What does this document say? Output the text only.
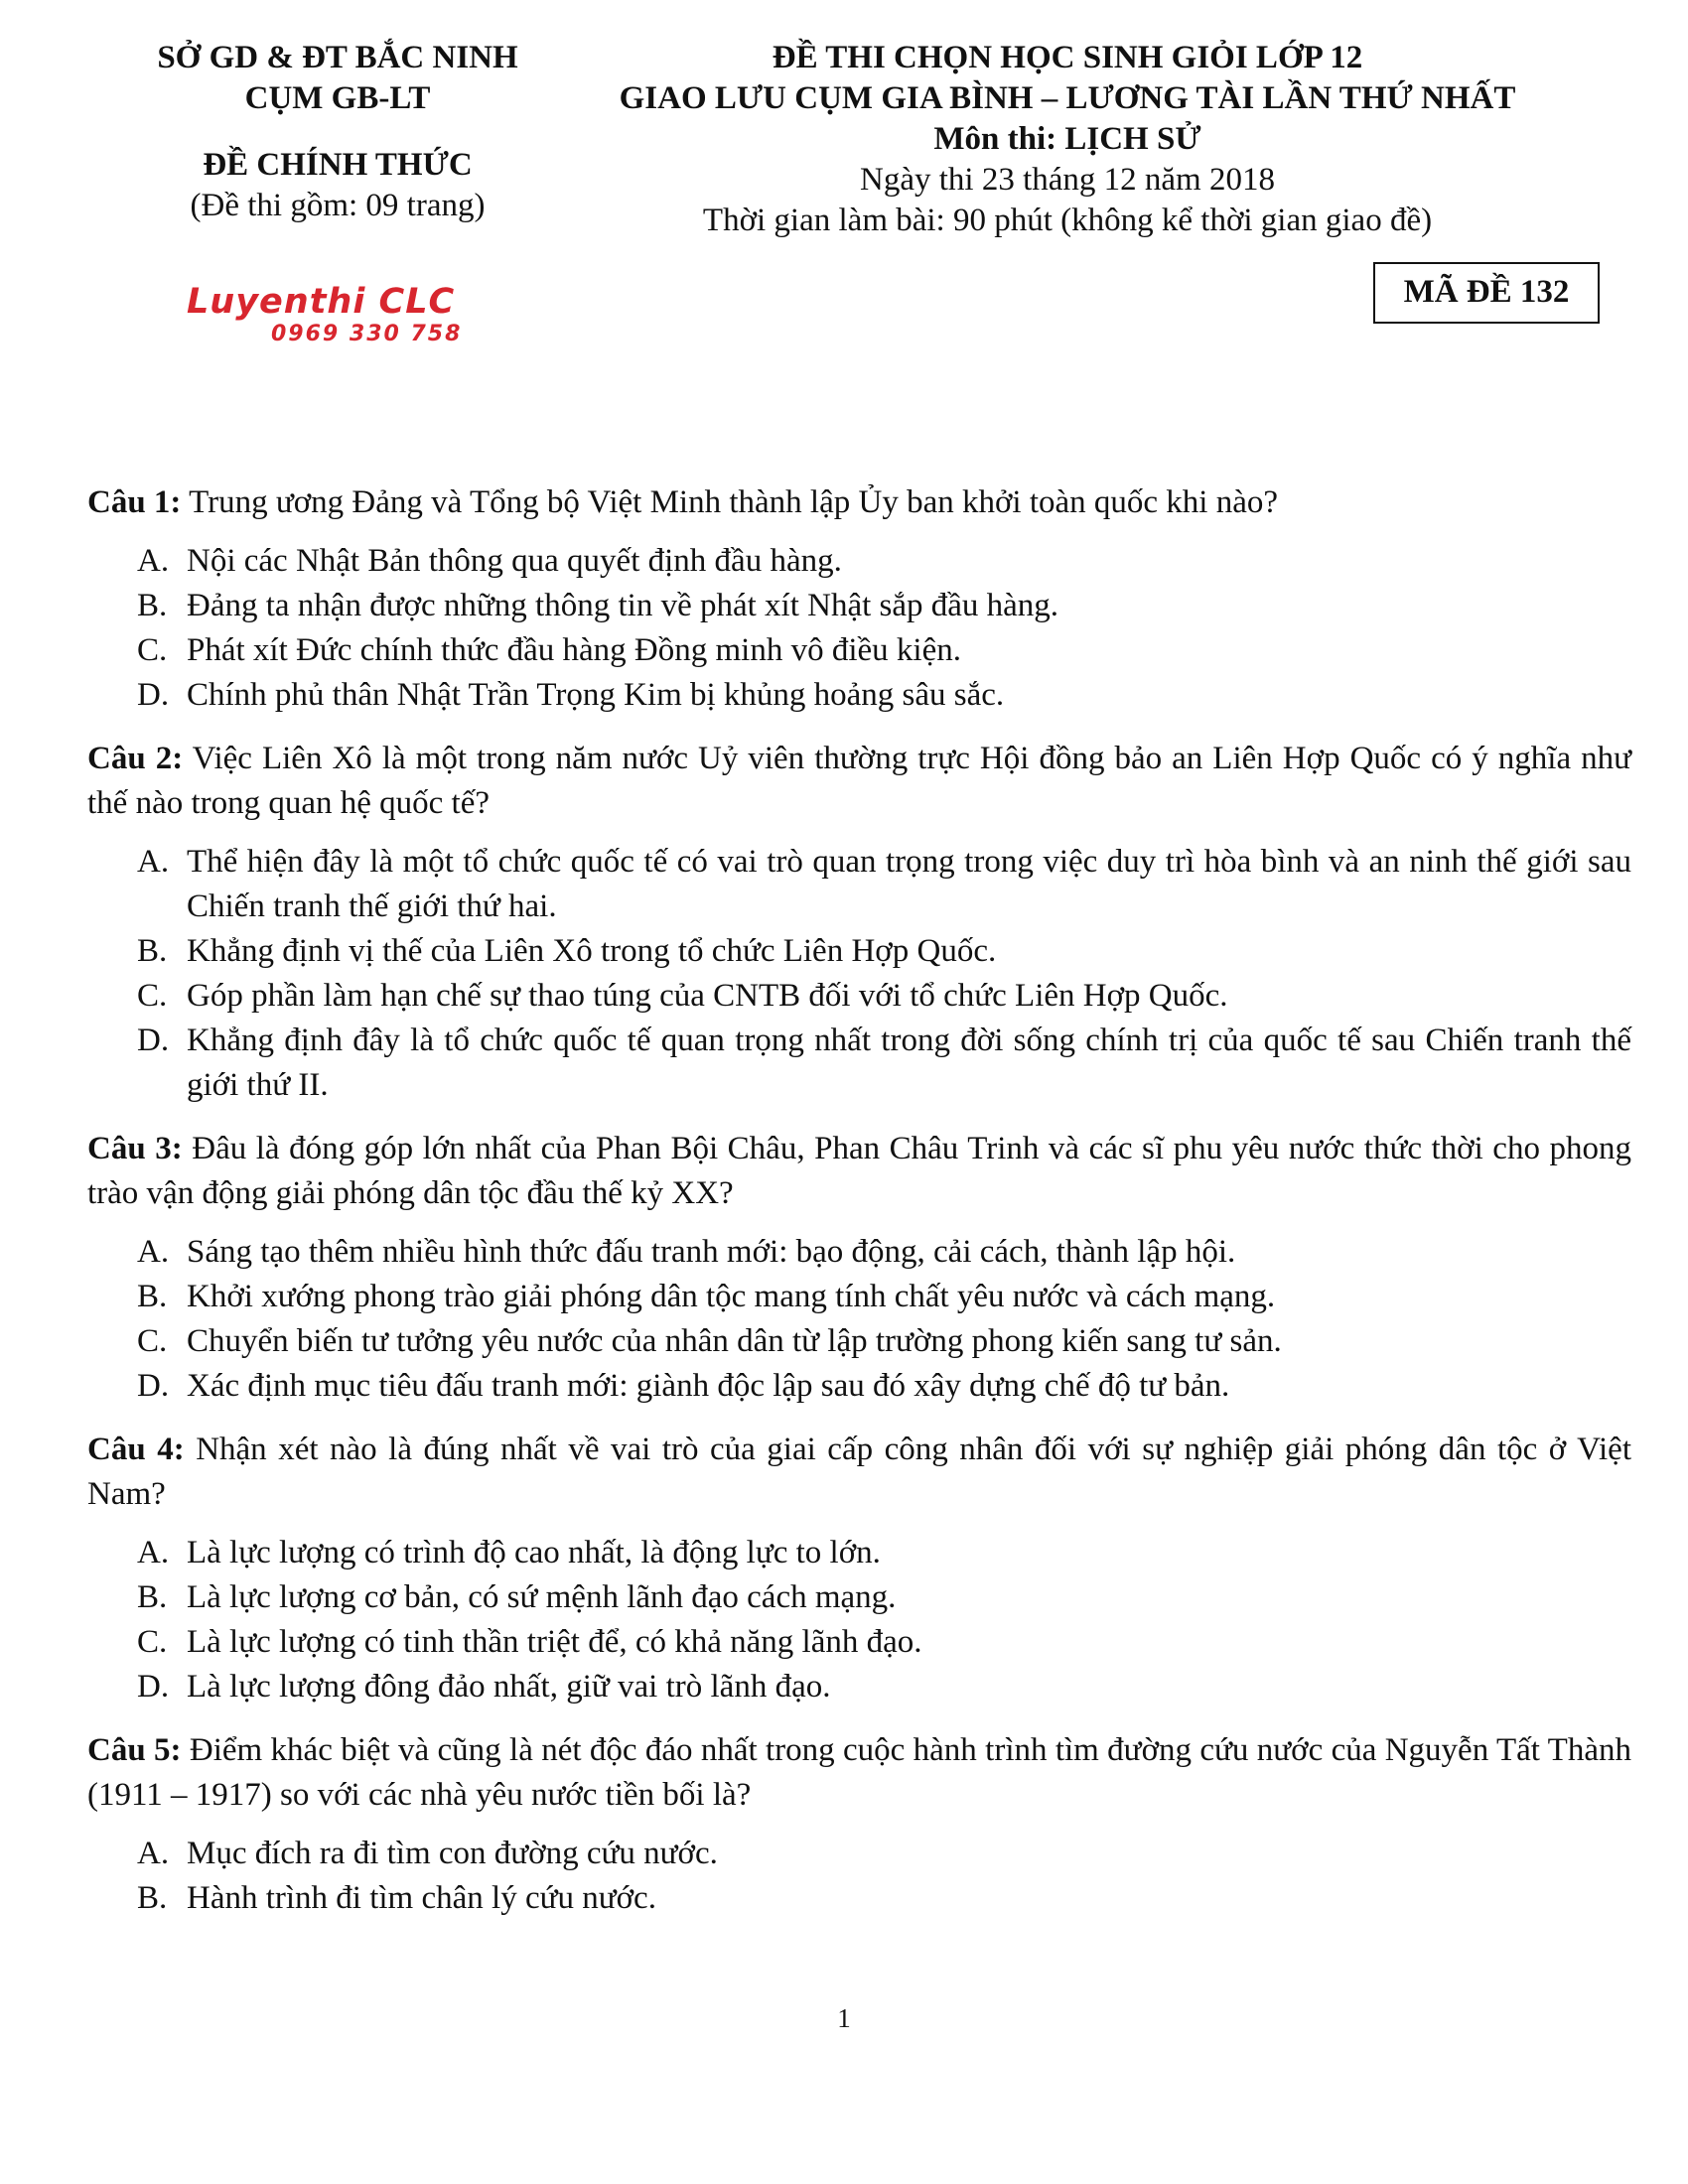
SỞ GD & ĐT BẮC NINH
CỤM GB-LT
ĐỀ CHÍNH THỨC
(Đề thi gồm: 09 trang)
ĐỀ THI CHỌN HỌC SINH GIỎI LỚP 12
GIAO LƯU CỤM GIA BÌNH – LƯƠNG TÀI LẦN THỨ NHẤT
Môn thi: LỊCH SỬ
Ngày thi 23 tháng 12 năm 2018
Thời gian làm bài: 90 phút (không kể thời gian giao đề)
Luyenthi CLC
0969 330 758
MÃ ĐỀ 132
Câu 1: Trung ương Đảng và Tổng bộ Việt Minh thành lập Ủy ban khởi toàn quốc khi nào?
A. Nội các Nhật Bản thông qua quyết định đầu hàng.
B. Đảng ta nhận được những thông tin về phát xít Nhật sắp đầu hàng.
C. Phát xít Đức chính thức đầu hàng Đồng minh vô điều kiện.
D. Chính phủ thân Nhật Trần Trọng Kim bị khủng hoảng sâu sắc.
Câu 2: Việc Liên Xô là một trong năm nước Uỷ viên thường trực Hội đồng bảo an Liên Hợp Quốc có ý nghĩa như thế nào trong quan hệ quốc tế?
A. Thể hiện đây là một tổ chức quốc tế có vai trò quan trọng trong việc duy trì hòa bình và an ninh thế giới sau Chiến tranh thế giới thứ hai.
B. Khẳng định vị thế của Liên Xô trong tổ chức Liên Hợp Quốc.
C. Góp phần làm hạn chế sự thao túng của CNTB đối với tổ chức Liên Hợp Quốc.
D. Khẳng định đây là tổ chức quốc tế quan trọng nhất trong đời sống chính trị của quốc tế sau Chiến tranh thế giới thứ II.
Câu 3: Đâu là đóng góp lớn nhất của Phan Bội Châu, Phan Châu Trinh và các sĩ phu yêu nước thức thời cho phong trào vận động giải phóng dân tộc đầu thế kỷ XX?
A. Sáng tạo thêm nhiều hình thức đấu tranh mới: bạo động, cải cách, thành lập hội.
B. Khởi xướng phong trào giải phóng dân tộc mang tính chất yêu nước và cách mạng.
C. Chuyển biến tư tưởng yêu nước của nhân dân từ lập trường phong kiến sang tư sản.
D. Xác định mục tiêu đấu tranh mới: giành độc lập sau đó xây dựng chế độ tư bản.
Câu 4: Nhận xét nào là đúng nhất về vai trò của giai cấp công nhân đối với sự nghiệp giải phóng dân tộc ở Việt Nam?
A. Là lực lượng có trình độ cao nhất, là động lực to lớn.
B. Là lực lượng cơ bản, có sứ mệnh lãnh đạo cách mạng.
C. Là lực lượng có tinh thần triệt để, có khả năng lãnh đạo.
D. Là lực lượng đông đảo nhất, giữ vai trò lãnh đạo.
Câu 5: Điểm khác biệt và cũng là nét độc đáo nhất trong cuộc hành trình tìm đường cứu nước của Nguyễn Tất Thành (1911 – 1917) so với các nhà yêu nước tiền bối là?
A. Mục đích ra đi tìm con đường cứu nước.
B. Hành trình đi tìm chân lý cứu nước.
1
